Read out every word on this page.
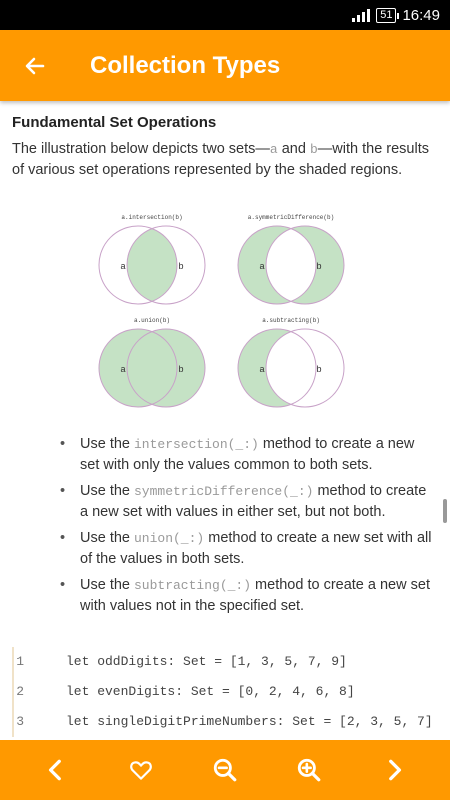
51 16:49
Collection Types
Fundamental Set Operations

The illustration below depicts two sets—a and b—with the results of various set operations represented by the shaded regions.

a.intersection(b)
a	b
a.symmetricDifference(b)
a	b
a.union(b)
a	b
a.subtracting(b)
a	b
• Use the intersection(_:) method to create a new set with only the values common to both sets.
• Use the symmetricDifference(_:) method to create a new set with values in either set, but not both.
• Use the union(_:) method to create a new set with all of the values in both sets.
• Use the subtracting(_:) method to create a new set with values not in the specified set.
1	let oddDigits: Set = [1, 3, 5, 7, 9]
2	let evenDigits: Set = [0, 2, 4, 6, 8]
3	let singleDigitPrimeNumbers: Set = [2, 3, 5, 7]
